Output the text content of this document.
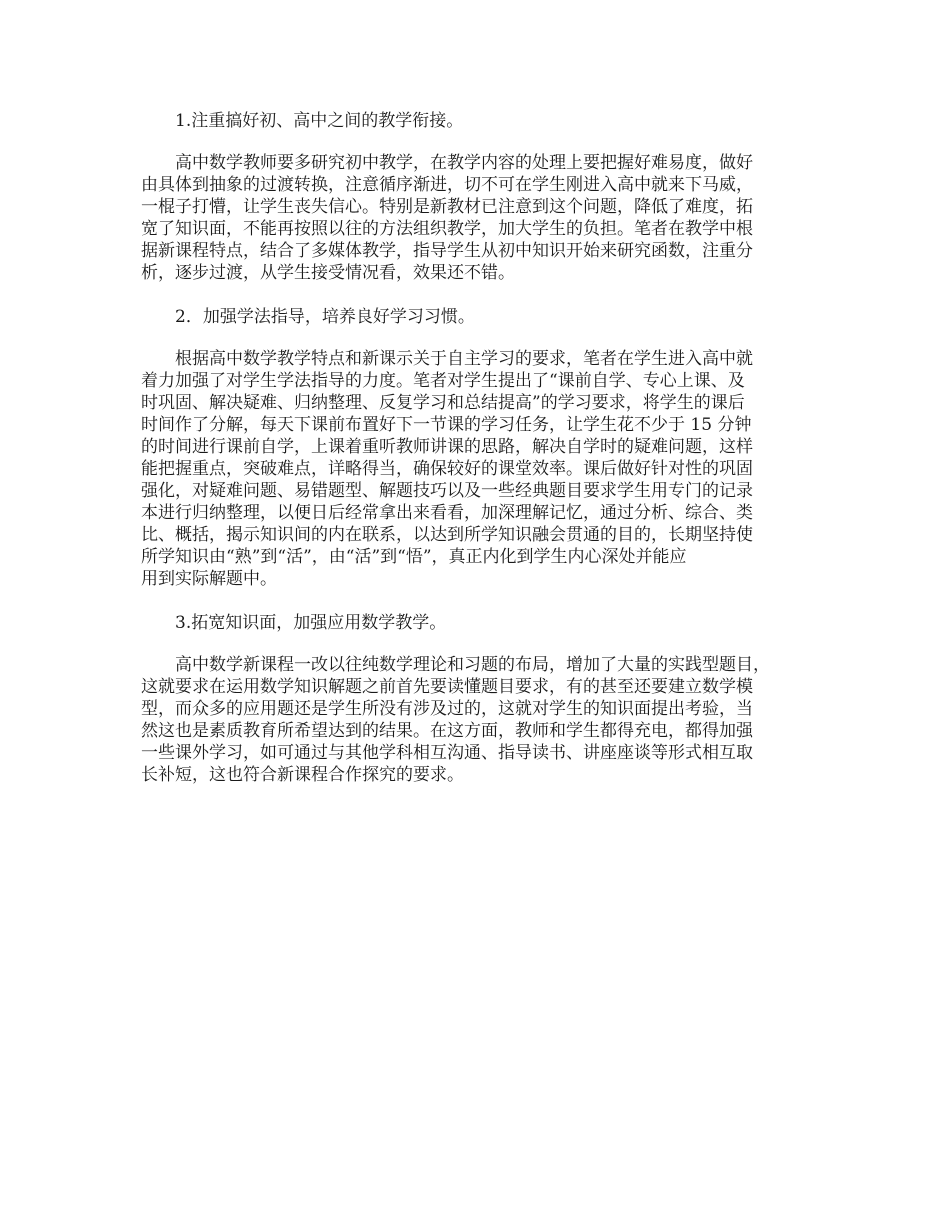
1.注重搞好初、高中之间的教学衔接。

高中数学教师要多研究初中教学，在教学内容的处理上要把握好难易度，做好
由具体到抽象的过渡转换，注意循序渐进，切不可在学生刚进入高中就来下马威，
一棍子打懵，让学生丧失信心。特别是新教材已注意到这个问题，降低了难度，拓
宽了知识面，不能再按照以往的方法组织教学，加大学生的负担。笔者在教学中根
据新课程特点，结合了多媒体教学，指导学生从初中知识开始来研究函数，注重分
析，逐步过渡，从学生接受情况看，效果还不错。

2．加强学法指导，培养良好学习习惯。

根据高中数学教学特点和新课示关于自主学习的要求，笔者在学生进入高中就
着力加强了对学生学法指导的力度。笔者对学生提出了“课前自学、专心上课、及
时巩固、解决疑难、归纳整理、反复学习和总结提高”的学习要求，将学生的课后
时间作了分解，每天下课前布置好下一节课的学习任务，让学生花不少于 15 分钟
的时间进行课前自学，上课着重听教师讲课的思路，解决自学时的疑难问题，这样
能把握重点，突破难点，详略得当，确保较好的课堂效率。课后做好针对性的巩固
强化，对疑难问题、易错题型、解题技巧以及一些经典题目要求学生用专门的记录
本进行归纳整理，以便日后经常拿出来看看，加深理解记忆，通过分析、综合、类
比、概括，揭示知识间的内在联系，以达到所学知识融会贯通的目的，长期坚持使
所学知识由“熟”到“活”，由“活”到“悟”，真正内化到学生内心深处并能应
用到实际解题中。

3.拓宽知识面，加强应用数学教学。

高中数学新课程一改以往纯数学理论和习题的布局，增加了大量的实践型题目，
这就要求在运用数学知识解题之前首先要读懂题目要求，有的甚至还要建立数学模
型，而众多的应用题还是学生所没有涉及过的，这就对学生的知识面提出考验，当
然这也是素质教育所希望达到的结果。在这方面，教师和学生都得充电，都得加强
一些课外学习，如可通过与其他学科相互沟通、指导读书、讲座座谈等形式相互取
长补短，这也符合新课程合作探究的要求。
